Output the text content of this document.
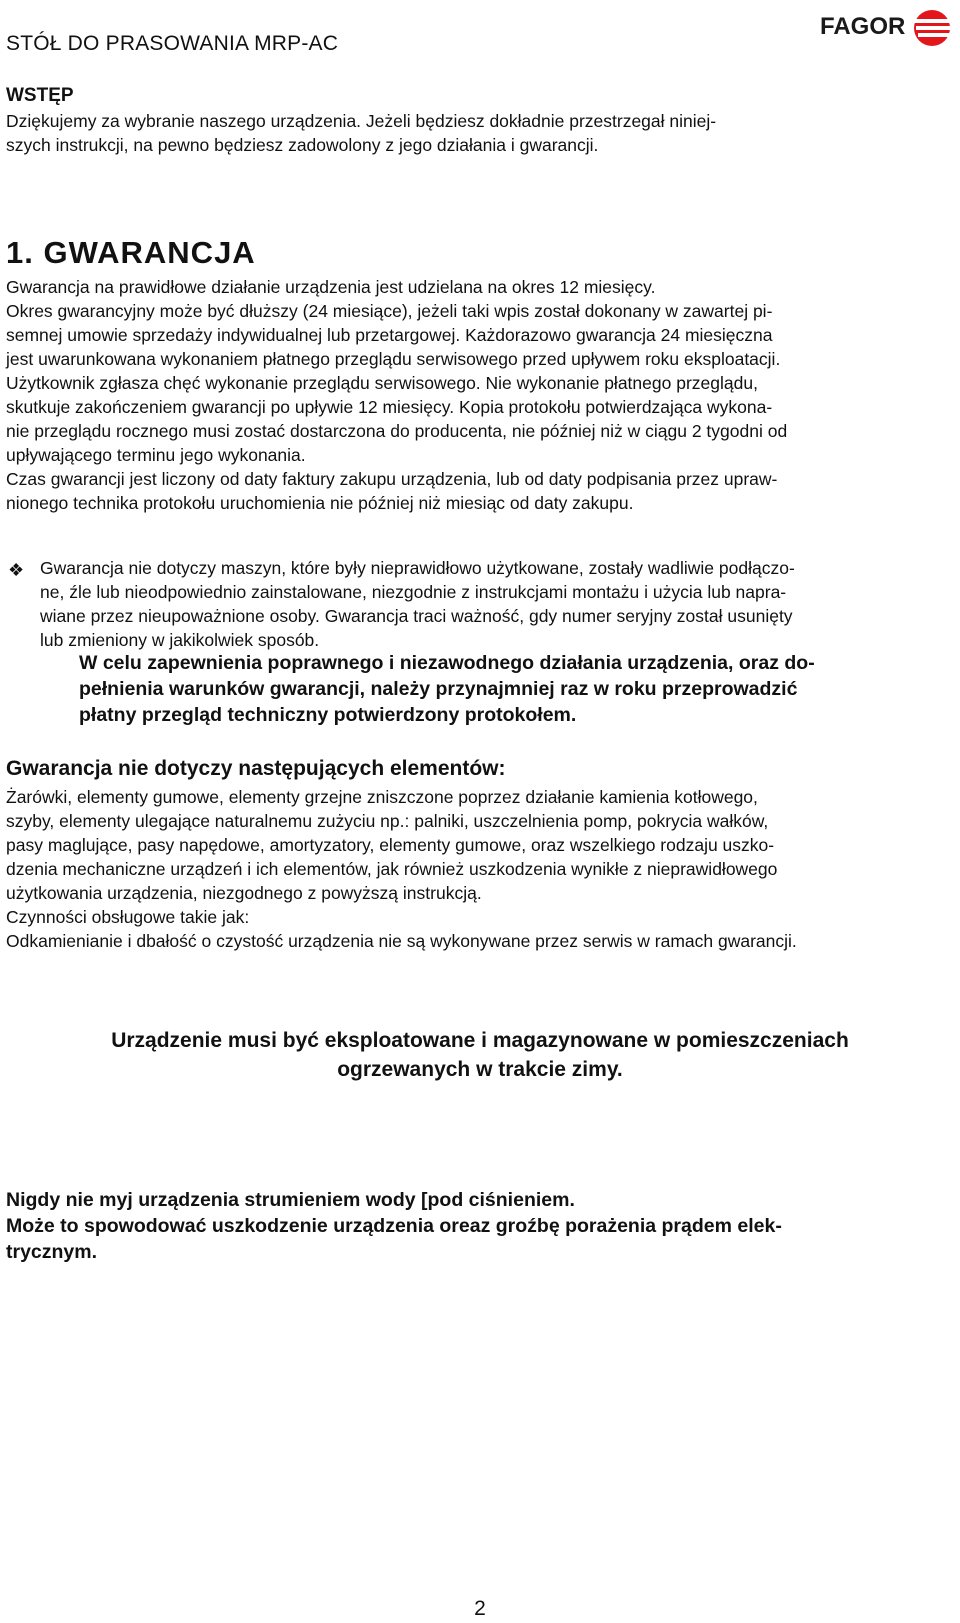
STÓŁ DO PRASOWANIA MRP-AC
FAGOR
WSTĘP
Dziękujemy za wybranie naszego urządzenia. Jeżeli będziesz dokładnie przestrzegał niniej-
szych instrukcji, na pewno będziesz zadowolony z jego działania i gwarancji.
1. GWARANCJA
Gwarancja na prawidłowe działanie urządzenia jest udzielana na okres 12 miesięcy.
Okres gwarancyjny może być dłuższy (24 miesiące), jeżeli taki wpis został dokonany w zawartej pi-
semnej umowie sprzedaży indywidualnej lub przetargowej. Każdorazowo gwarancja 24 miesięczna
jest uwarunkowana wykonaniem płatnego przeglądu serwisowego przed upływem roku eksploatacji.
Użytkownik zgłasza chęć wykonanie przeglądu serwisowego. Nie wykonanie płatnego przeglądu,
skutkuje zakończeniem gwarancji po upływie 12 miesięcy. Kopia protokołu potwierdzająca wykona-
nie przeglądu rocznego musi zostać dostarczona do producenta, nie później niż w ciągu 2 tygodni od
upływającego terminu jego wykonania.
Czas gwarancji jest liczony od daty faktury zakupu urządzenia, lub od daty podpisania przez upraw-
nionego technika protokołu uruchomienia nie później niż miesiąc od daty zakupu.
❖ Gwarancja nie dotyczy maszyn, które były nieprawidłowo użytkowane, zostały wadliwie podłączo-
ne, źle lub nieodpowiednio zainstalowane, niezgodnie z instrukcjami montażu i użycia lub napra-
wiane przez nieupoważnione osoby. Gwarancja traci ważność, gdy numer seryjny został usunięty
lub zmieniony w jakikolwiek sposób.
W celu zapewnienia poprawnego i niezawodnego działania urządzenia, oraz do-
pełnienia warunków gwarancji, należy przynajmniej raz w roku przeprowadzić
płatny przegląd techniczny potwierdzony protokołem.
Gwarancja nie dotyczy następujących elementów:
Żarówki, elementy gumowe, elementy grzejne zniszczone poprzez działanie kamienia kotłowego,
szyby, elementy ulegające naturalnemu zużyciu np.: palniki, uszczelnienia pomp, pokrycia wałków,
pasy maglujące, pasy napędowe, amortyzatory, elementy gumowe, oraz wszelkiego rodzaju uszko-
dzenia mechaniczne urządzeń i ich elementów, jak również uszkodzenia wynikłe z nieprawidłowego
użytkowania urządzenia, niezgodnego z powyższą instrukcją.
Czynności obsługowe takie jak:
Odkamienianie i dbałość o czystość urządzenia nie są wykonywane przez serwis w ramach gwarancji.
Urządzenie musi być eksploatowane i magazynowane w pomieszczeniach
ogrzewanych w trakcie zimy.
Nigdy nie myj urządzenia strumieniem wody [pod ciśnieniem.
Może to spowodować uszkodzenie urządzenia oreaz groźbę porażenia prądem elek-
trycznym.
2
